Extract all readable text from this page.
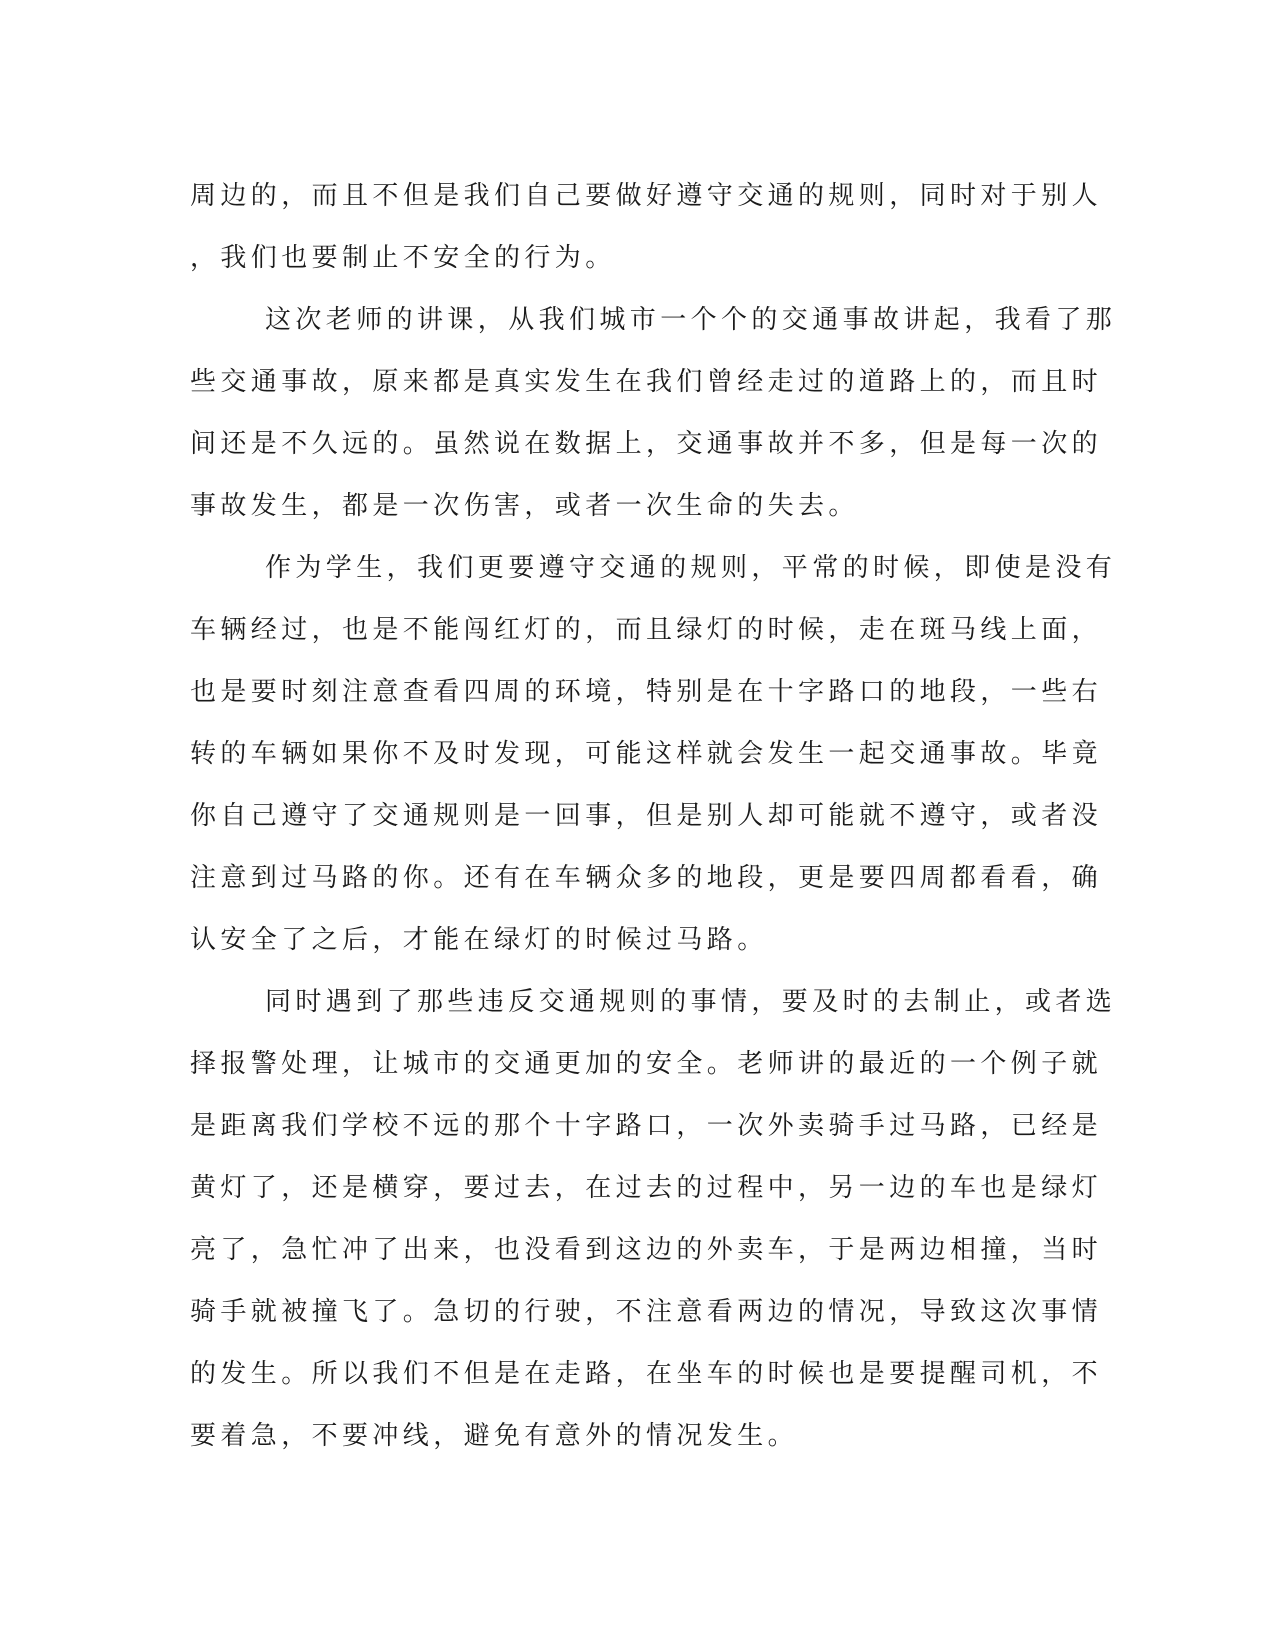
周边的，而且不但是我们自己要做好遵守交通的规则，同时对于别人
，我们也要制止不安全的行为。
这次老师的讲课，从我们城市一个个的交通事故讲起，我看了那
些交通事故，原来都是真实发生在我们曾经走过的道路上的，而且时
间还是不久远的。虽然说在数据上，交通事故并不多，但是每一次的
事故发生，都是一次伤害，或者一次生命的失去。
作为学生，我们更要遵守交通的规则，平常的时候，即使是没有
车辆经过，也是不能闯红灯的，而且绿灯的时候，走在斑马线上面，
也是要时刻注意查看四周的环境，特别是在十字路口的地段，一些右
转的车辆如果你不及时发现，可能这样就会发生一起交通事故。毕竟
你自己遵守了交通规则是一回事，但是别人却可能就不遵守，或者没
注意到过马路的你。还有在车辆众多的地段，更是要四周都看看，确
认安全了之后，才能在绿灯的时候过马路。
同时遇到了那些违反交通规则的事情，要及时的去制止，或者选
择报警处理，让城市的交通更加的安全。老师讲的最近的一个例子就
是距离我们学校不远的那个十字路口，一次外卖骑手过马路，已经是
黄灯了，还是横穿，要过去，在过去的过程中，另一边的车也是绿灯
亮了，急忙冲了出来，也没看到这边的外卖车，于是两边相撞，当时
骑手就被撞飞了。急切的行驶，不注意看两边的情况，导致这次事情
的发生。所以我们不但是在走路，在坐车的时候也是要提醒司机，不
要着急，不要冲线，避免有意外的情况发生。
